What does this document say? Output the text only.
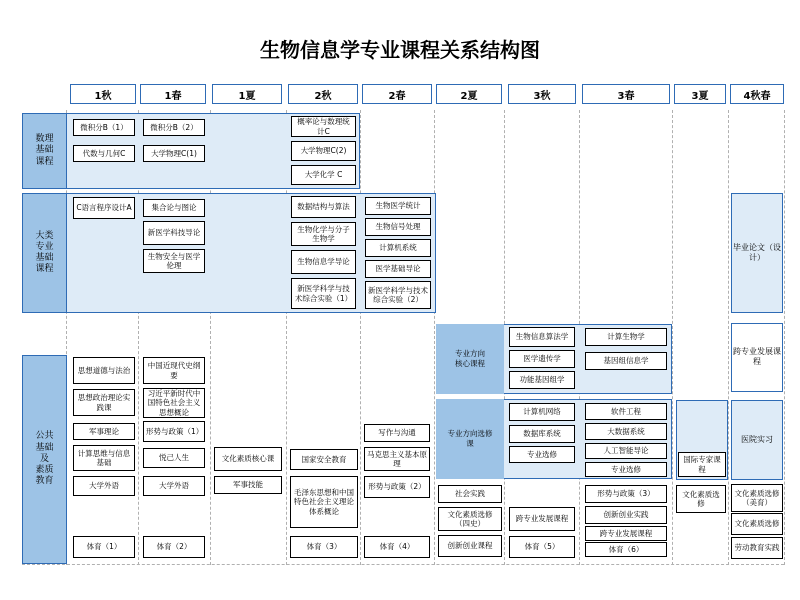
生物信息学专业课程关系结构图
1秋	1春	1夏	2秋	2春	2夏	3秋	3春	3夏	4秋春
数理
基础
课程
微积分B（1）
代数与几何C
微积分B（2）
大学物理C(1)
概率论与数理统计C
大学物理C(2)
大学化学 C
大类
专业
基础
课程
C语言程序设计A	集合论与图论
新医学科技导论
生物安全与医学伦理
数据结构与算法
生物化学与分子生物学
生物信息学导论
新医学科学与技术综合实验（1）
生物医学统计
生物信号处理
计算机系统
医学基础导论
新医学科学与技术综合实验（2）
毕业论文（设计）
专业方向
核心课程
生物信息算法学
医学遗传学
功能基因组学
计算生物学
基因组信息学
跨专业发展课程
专业方向选修
课
计算机网络
数据库系统
专业选修
软件工程
大数据系统
人工智能导论
专业选修
国际专家课程
医院实习
公共
基础
及
素质
教育
思想道德与法治
思想政治理论实践课
军事理论
计算思维与信息基础
大学外语
体育（1）
中国近现代史纲要
习近平新时代中国特色社会主义思想概论
形势与政策（1）
悦己人生
大学外语
体育（2）
文化素质核心课
军事技能
国家安全教育
毛泽东思想和中国特色社会主义理论体系概论
体育（3）
写作与沟通
马克思主义基本原理
形势与政策（2）
体育（4）
社会实践
文化素质选修（四史）
创新创业课程
跨专业发展课程
体育（5）
形势与政策（3）
创新创业实践
跨专业发展课程
体育（6）
文化素质选修
文化素质选修（美育）
文化素质选修
劳动教育实践
